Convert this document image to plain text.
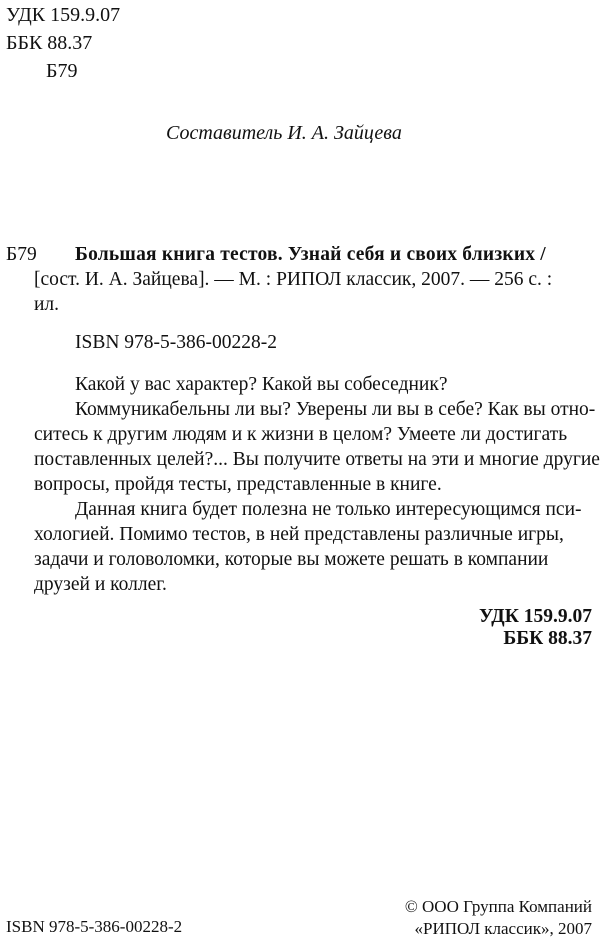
УДК 159.9.07
ББК 88.37
Б79
Составитель И. А. Зайцева
Б79 Большая книга тестов. Узнай себя и своих близких /
[сост. И. А. Зайцева]. — М. : РИПОЛ классик, 2007. — 256 с. :
ил.
ISBN 978-5-386-00228-2
Какой у вас характер? Какой вы собеседник?
Коммуникабельны ли вы? Уверены ли вы в себе? Как вы отно-
ситесь к другим людям и к жизни в целом? Умеете ли достигать
поставленных целей?... Вы получите ответы на эти и многие другие
вопросы, пройдя тесты, представленные в книге.
Данная книга будет полезна не только интересующимся пси-
хологией. Помимо тестов, в ней представлены различные игры,
задачи и головоломки, которые вы можете решать в компании
друзей и коллег.
УДК 159.9.07
ББК 88.37
ISBN 978-5-386-00228-2
© ООО Группа Компаний
«РИПОЛ классик», 2007
